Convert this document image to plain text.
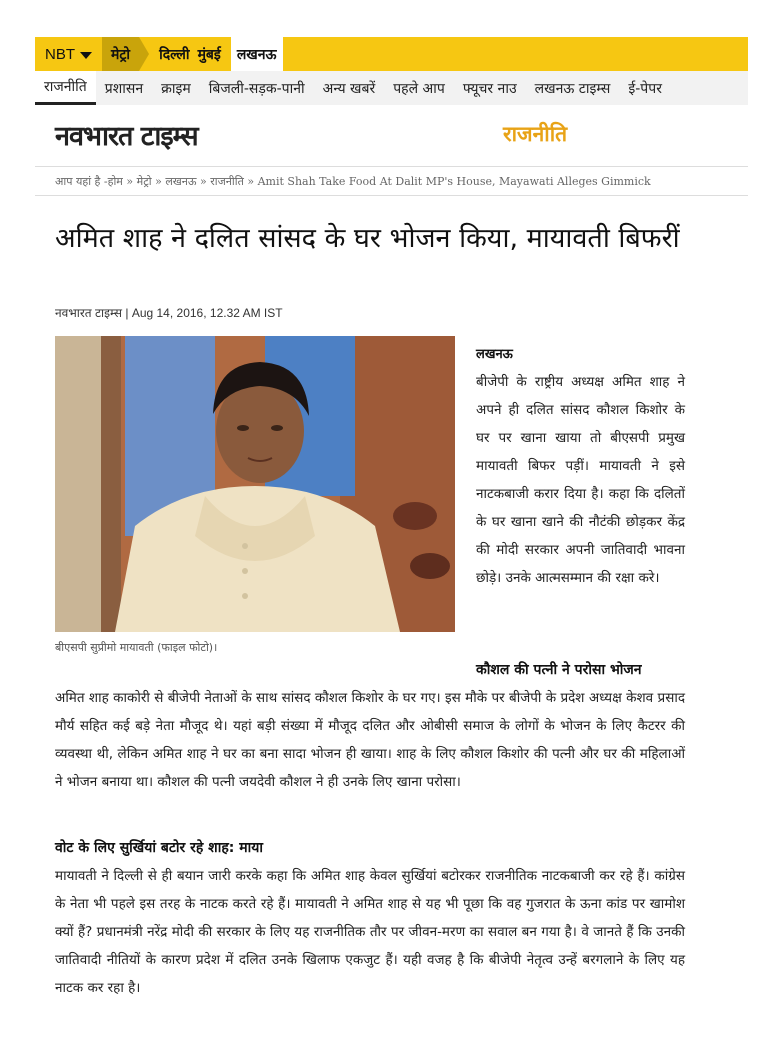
NBT	मेट्रो	दिल्ली मुंबई	लखनऊ
राजनीति	प्रशासन	क्राइम	बिजली-सड़क-पानी	अन्य खबरें	पहले आप	फ्यूचर नाउ	लखनऊ टाइम्स	ई-पेपर
नवभारत टाइम्स	राजनीति
आप यहां है -होम » मेट्रो » लखनऊ » राजनीति » Amit Shah Take Food At Dalit MP's House, Mayawati Alleges Gimmick
अमित शाह ने दलित सांसद के घर भोजन किया, मायावती बिफरीं
नवभारत टाइम्स | Aug 14, 2016, 12.32 AM IST
बीएसपी सुप्रीमो मायावती (फाइल फोटो)।
लखनऊ
बीजेपी के राष्ट्रीय अध्यक्ष अमित शाह ने अपने ही दलित सांसद कौशल किशोर के घर पर खाना खाया तो बीएसपी प्रमुख मायावती बिफर पड़ीं। मायावती ने इसे नाटकबाजी करार दिया है। कहा कि दलितों के घर खाना खाने की नौटंकी छोड़कर केंद्र की मोदी सरकार अपनी जातिवादी भावना छोड़े। उनके आत्मसम्मान की रक्षा करे।
कौशल की पत्नी ने परोसा भोजन
अमित शाह काकोरी से बीजेपी नेताओं के साथ सांसद कौशल किशोर के घर गए। इस मौके पर बीजेपी के प्रदेश अध्यक्ष केशव प्रसाद मौर्य सहित कई बड़े नेता मौजूद थे। यहां बड़ी संख्या में मौजूद दलित और ओबीसी समाज के लोगों के भोजन के लिए कैटरर की व्यवस्था थी, लेकिन अमित शाह ने घर का बना सादा भोजन ही खाया। शाह के लिए कौशल किशोर की पत्नी और घर की महिलाओं ने भोजन बनाया था। कौशल की पत्नी जयदेवी कौशल ने ही उनके लिए खाना परोसा।
वोट के लिए सुर्खियां बटोर रहे शाह: माया
मायावती ने दिल्ली से ही बयान जारी करके कहा कि अमित शाह केवल सुर्खियां बटोरकर राजनीतिक नाटकबाजी कर रहे हैं। कांग्रेस के नेता भी पहले इस तरह के नाटक करते रहे हैं। मायावती ने अमित शाह से यह भी पूछा कि वह गुजरात के ऊना कांड पर खामोश क्यों हैं? प्रधानमंत्री नरेंद्र मोदी की सरकार के लिए यह राजनीतिक तौर पर जीवन-मरण का सवाल बन गया है। वे जानते हैं कि उनकी जातिवादी नीतियों के कारण प्रदेश में दलित उनके खिलाफ एकजुट हैं। यही वजह है कि बीजेपी नेतृत्व उन्हें बरगलाने के लिए यह नाटक कर रहा है।
